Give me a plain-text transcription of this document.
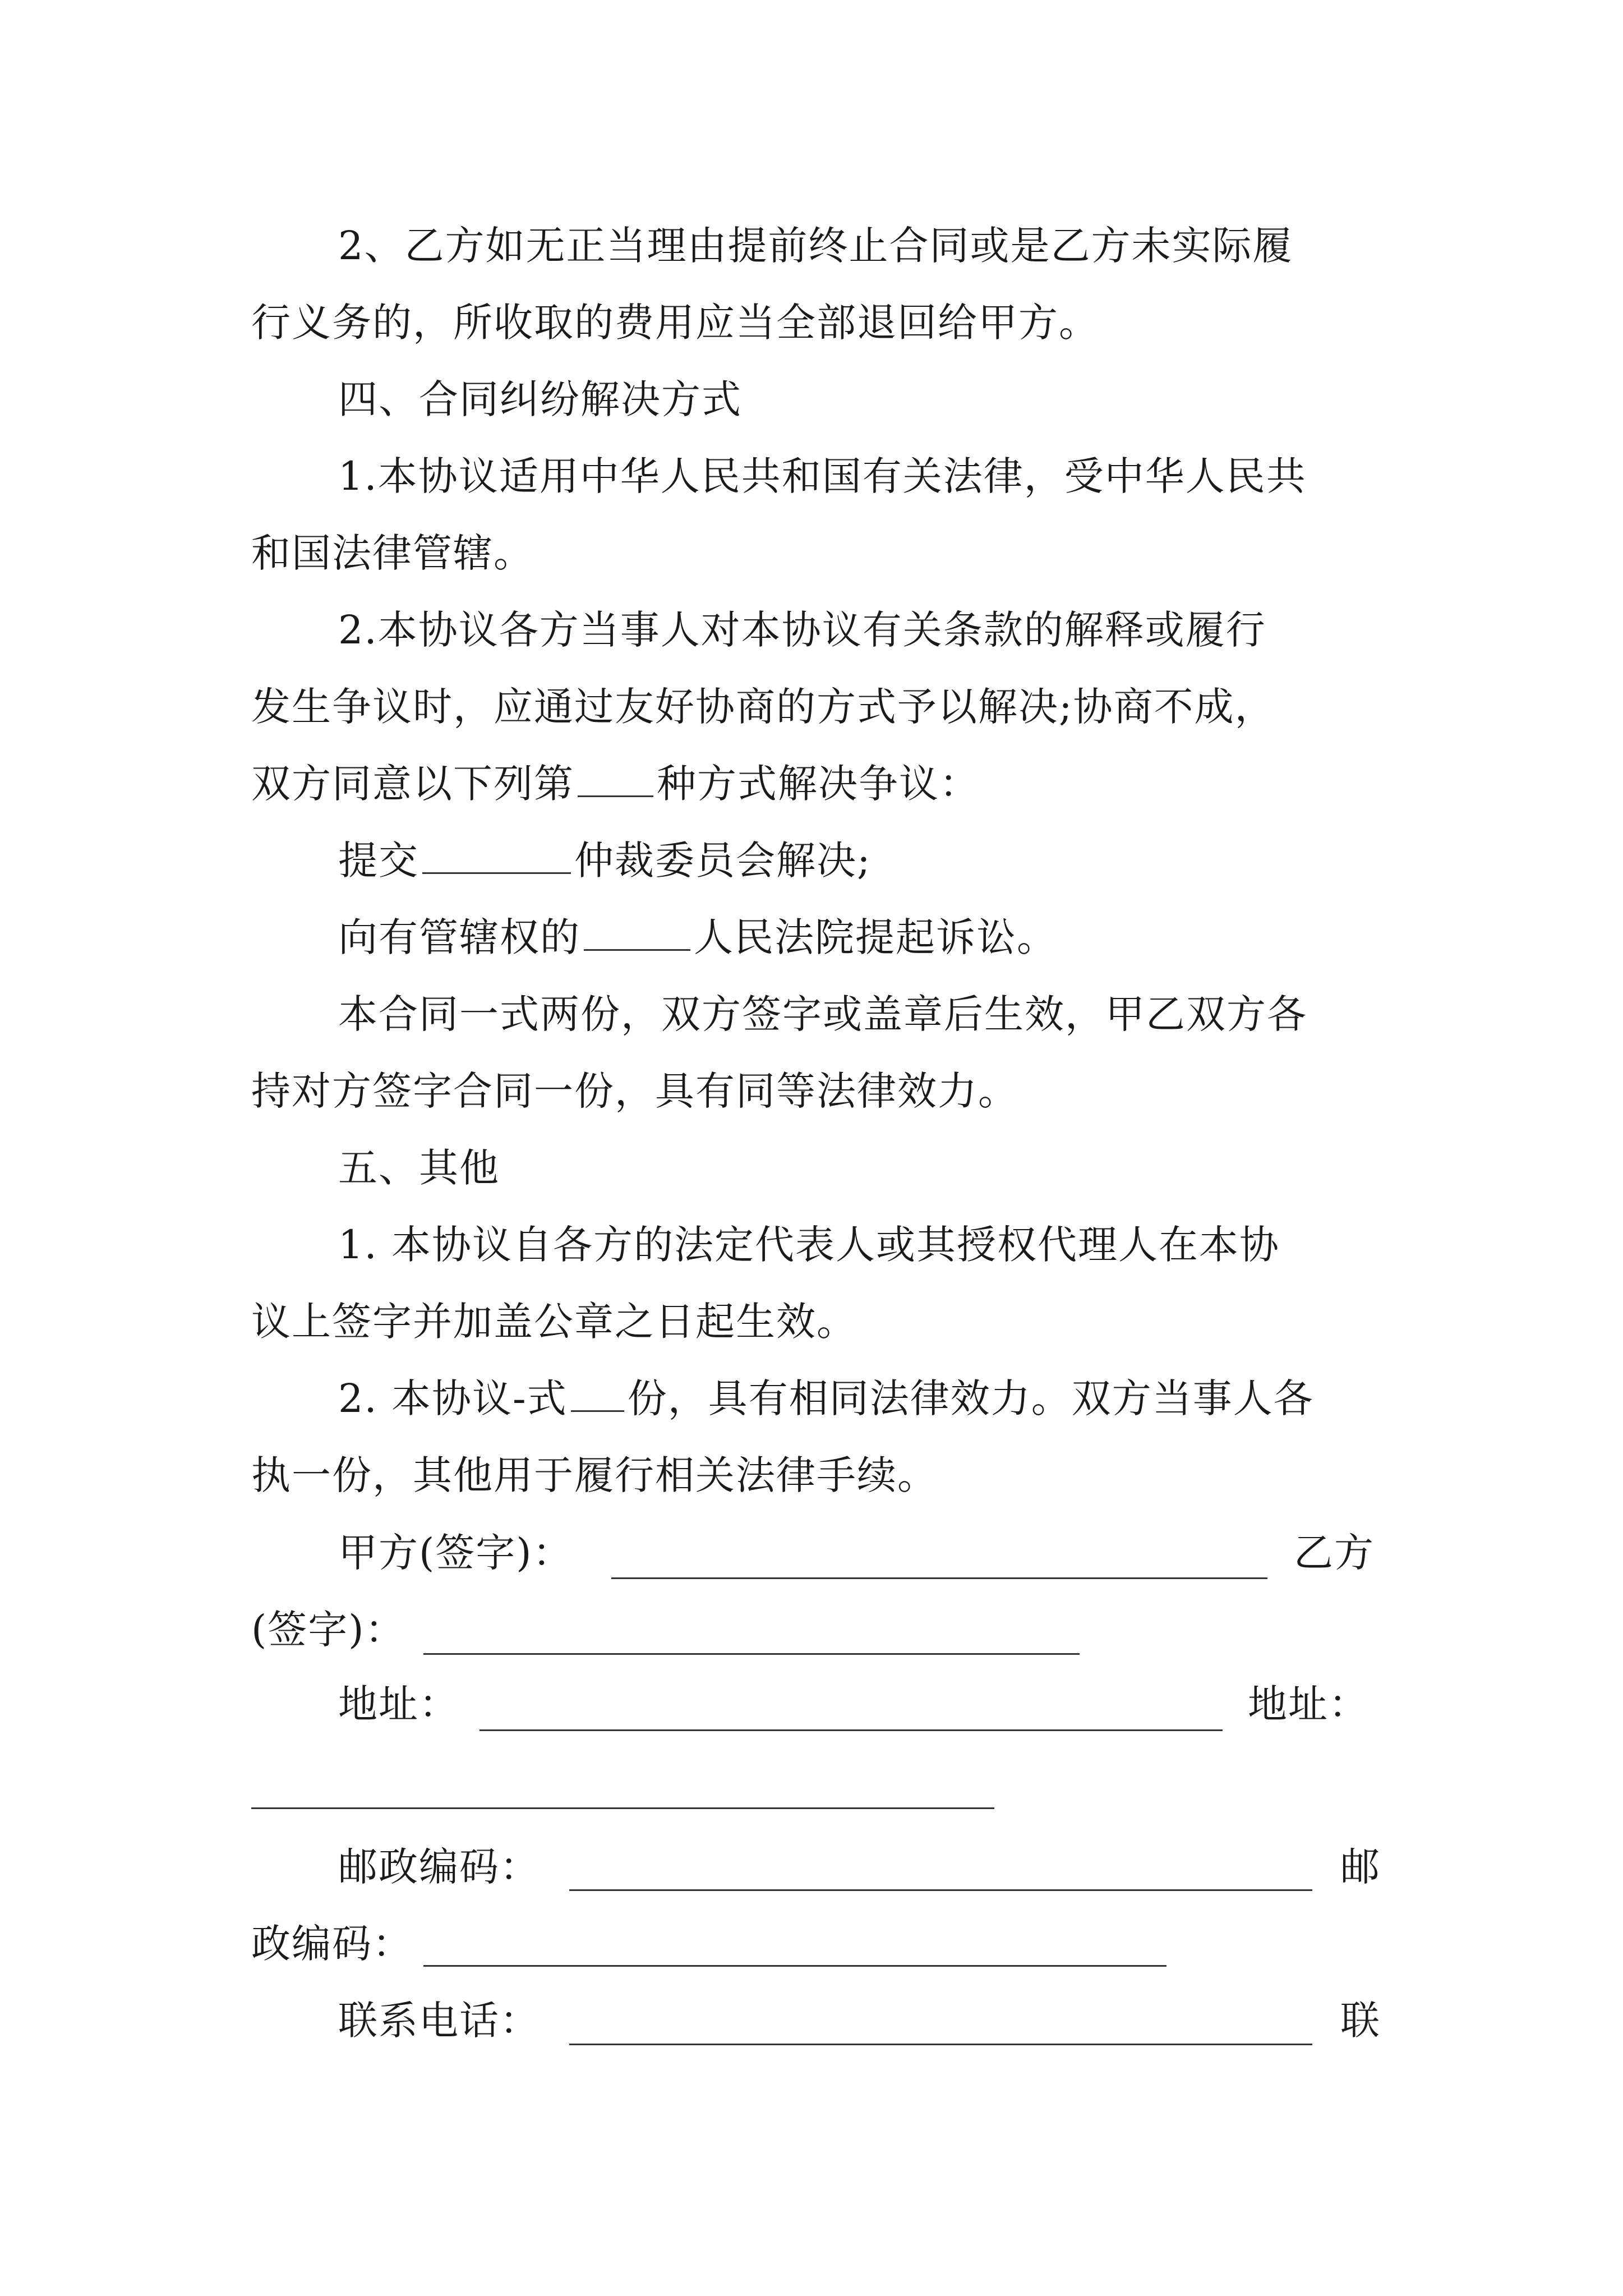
2、乙方如无正当理由提前终止合同或是乙方未实际履
行义务的，所收取的费用应当全部退回给甲方。
四、合同纠纷解决方式
1.本协议适用中华人民共和国有关法律，受中华人民共
和国法律管辖。
2.本协议各方当事人对本协议有关条款的解释或履行
发生争议时，应通过友好协商的方式予以解决;协商不成，
双方同意以下列第 种方式解决争议：
提交	仲裁委员会解决;
向有管辖权的	人民法院提起诉讼。
本合同一式两份，双方签字或盖章后生效，甲乙双方各
持对方签字合同一份，具有同等法律效力。
五、其他
1. 本协议自各方的法定代表人或其授权代理人在本协
议上签字并加盖公章之日起生效。
2. 本协议-式 份，具有相同法律效力。双方当事人各
执一份，其他用于履行相关法律手续。
甲方(签字)：	乙方
(签字)：
地址：	地址：
邮政编码：	邮
政编码：
联系电话：	联
